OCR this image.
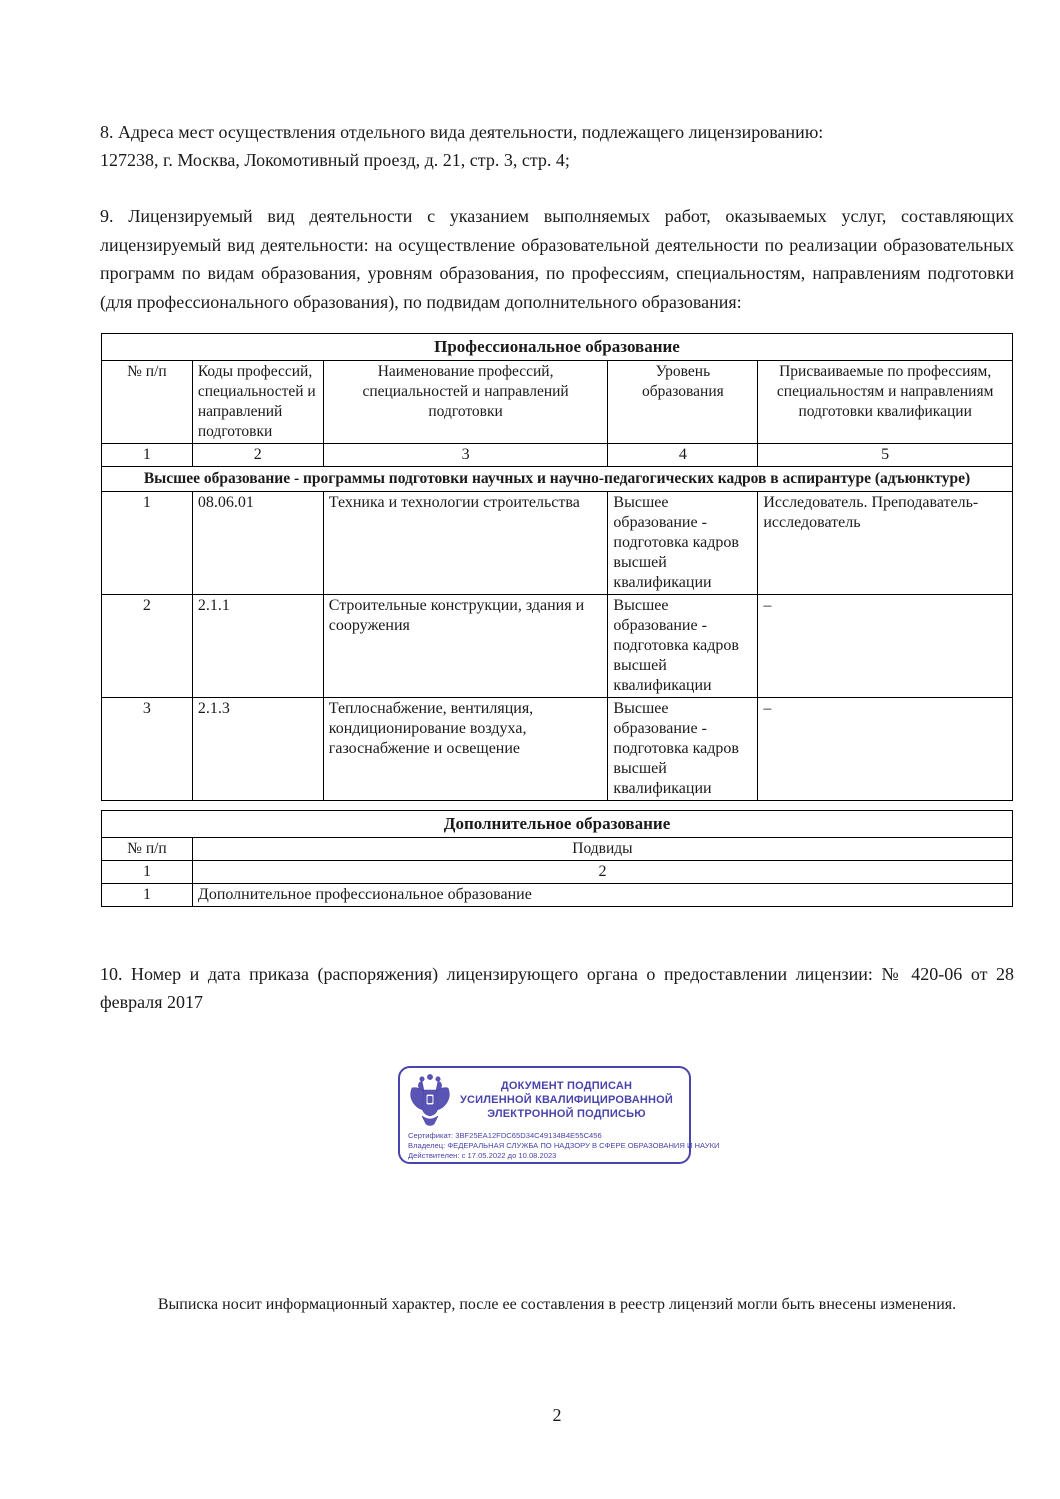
8. Адреса мест осуществления отдельного вида деятельности, подлежащего лицензированию:
127238, г. Москва, Локомотивный проезд, д. 21, стр. 3, стр. 4;
9. Лицензируемый вид деятельности с указанием выполняемых работ, оказываемых услуг, составляющих лицензируемый вид деятельности: на осуществление образовательной деятельности по реализации образовательных программ по видам образования, уровням образования, по профессиям, специальностям, направлениям подготовки (для профессионального образования), по подвидам дополнительного образования:
Профессиональное образование				
№ п/п	Коды профессий, специальностей и направлений подготовки	Наименование профессий, специальностей и направлений подготовки	Уровень образования	Присваиваемые по профессиям, специальностям и направлениям подготовки квалификации
1	2	3	4	5
Высшее образование - программы подготовки научных и научно-педагогических кадров в аспирантуре (адъюнктуре)				
1	08.06.01	Техника и технологии строительства	Высшее образование - подготовка кадров высшей квалификации	Исследователь. Преподаватель-исследователь
2	2.1.1	Строительные конструкции, здания и сооружения	Высшее образование - подготовка кадров высшей квалификации	–
3	2.1.3	Теплоснабжение, вентиляция, кондиционирование воздуха, газоснабжение и освещение	Высшее образование - подготовка кадров высшей квалификации	–
Дополнительное образование	
№ п/п	Подвиды
1	2
1	Дополнительное профессиональное образование
10. Номер и дата приказа (распоряжения) лицензирующего органа о предоставлении лицензии: № 420-06 от 28 февраля 2017
ДОКУМЕНТ ПОДПИСАН
УСИЛЕННОЙ КВАЛИФИЦИРОВАННОЙ
ЭЛЕКТРОННОЙ ПОДПИСЬЮ
Сертификат: 3BF25EA12FDC65D34C49134B4E55C456
Владелец: ФЕДЕРАЛЬНАЯ СЛУЖБА ПО НАДЗОРУ В СФЕРЕ ОБРАЗОВАНИЯ И НАУКИ
Действителен: с 17.05.2022 до 10.08.2023
Выписка носит информационный характер, после ее составления в реестр лицензий могли быть внесены изменения.
2
